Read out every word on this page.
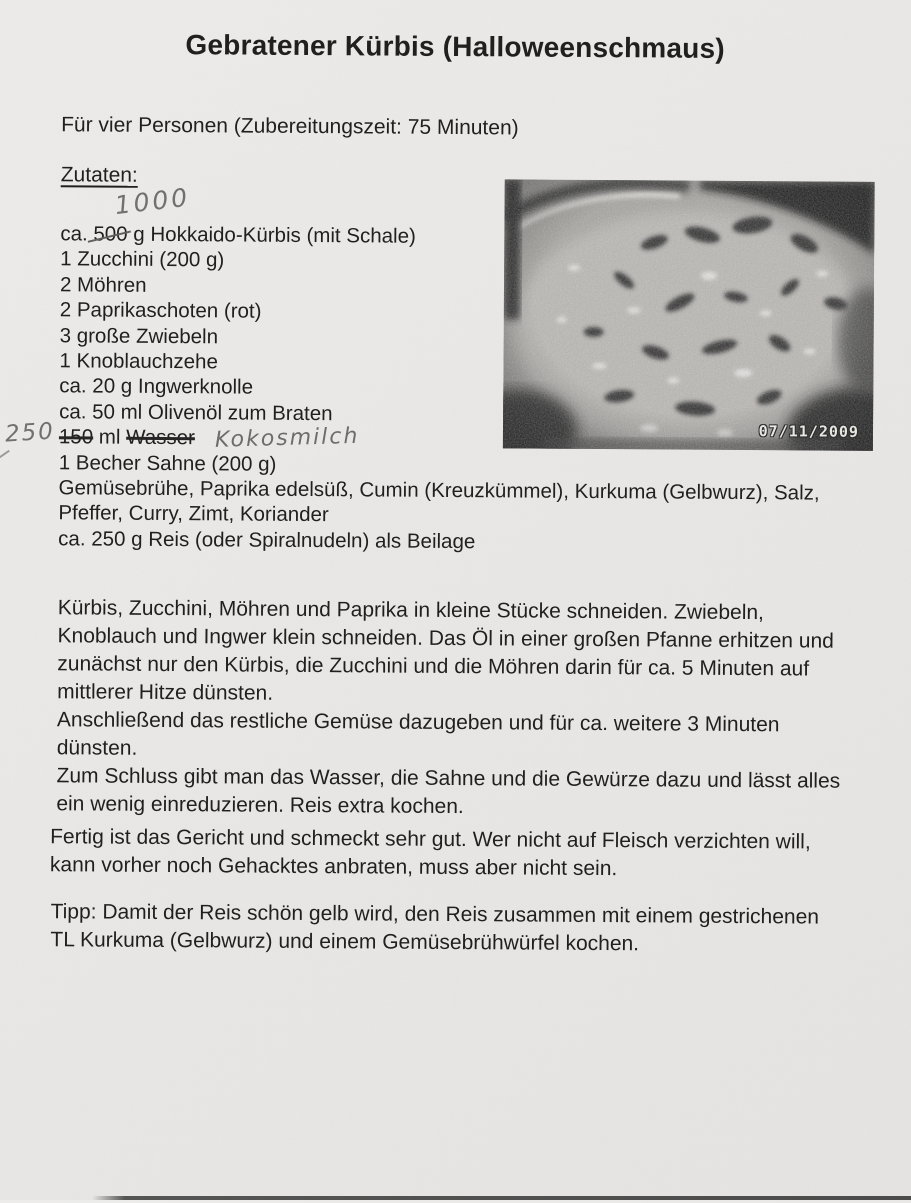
Gebratener Kürbis (Halloweenschmaus)
Für vier Personen (Zubereitungszeit: 75 Minuten)
Zutaten:
1000
250
ca. 500 g Hokkaido-Kürbis (mit Schale)
1 Zucchini (200 g)
2 Möhren
2 Paprikaschoten (rot)
3 große Zwiebeln
1 Knoblauchzehe
ca. 20 g Ingwerknolle
ca. 50 ml Olivenöl zum Braten
150 ml Wasser Kokosmilch
1 Becher Sahne (200 g)
Gemüsebrühe, Paprika edelsüß, Cumin (Kreuzkümmel), Kurkuma (Gelbwurz), Salz,
Pfeffer, Curry, Zimt, Koriander
ca. 250 g Reis (oder Spiralnudeln) als Beilage
07/11/2009
Kürbis, Zucchini, Möhren und Paprika in kleine Stücke schneiden. Zwiebeln,
Knoblauch und Ingwer klein schneiden. Das Öl in einer großen Pfanne erhitzen und
zunächst nur den Kürbis, die Zucchini und die Möhren darin für ca. 5 Minuten auf
mittlerer Hitze dünsten.
Anschließend das restliche Gemüse dazugeben und für ca. weitere 3 Minuten
dünsten.
Zum Schluss gibt man das Wasser, die Sahne und die Gewürze dazu und lässt alles
ein wenig einreduzieren. Reis extra kochen.
Fertig ist das Gericht und schmeckt sehr gut. Wer nicht auf Fleisch verzichten will,
kann vorher noch Gehacktes anbraten, muss aber nicht sein.
Tipp: Damit der Reis schön gelb wird, den Reis zusammen mit einem gestrichenen
TL Kurkuma (Gelbwurz) und einem Gemüsebrühwürfel kochen.
